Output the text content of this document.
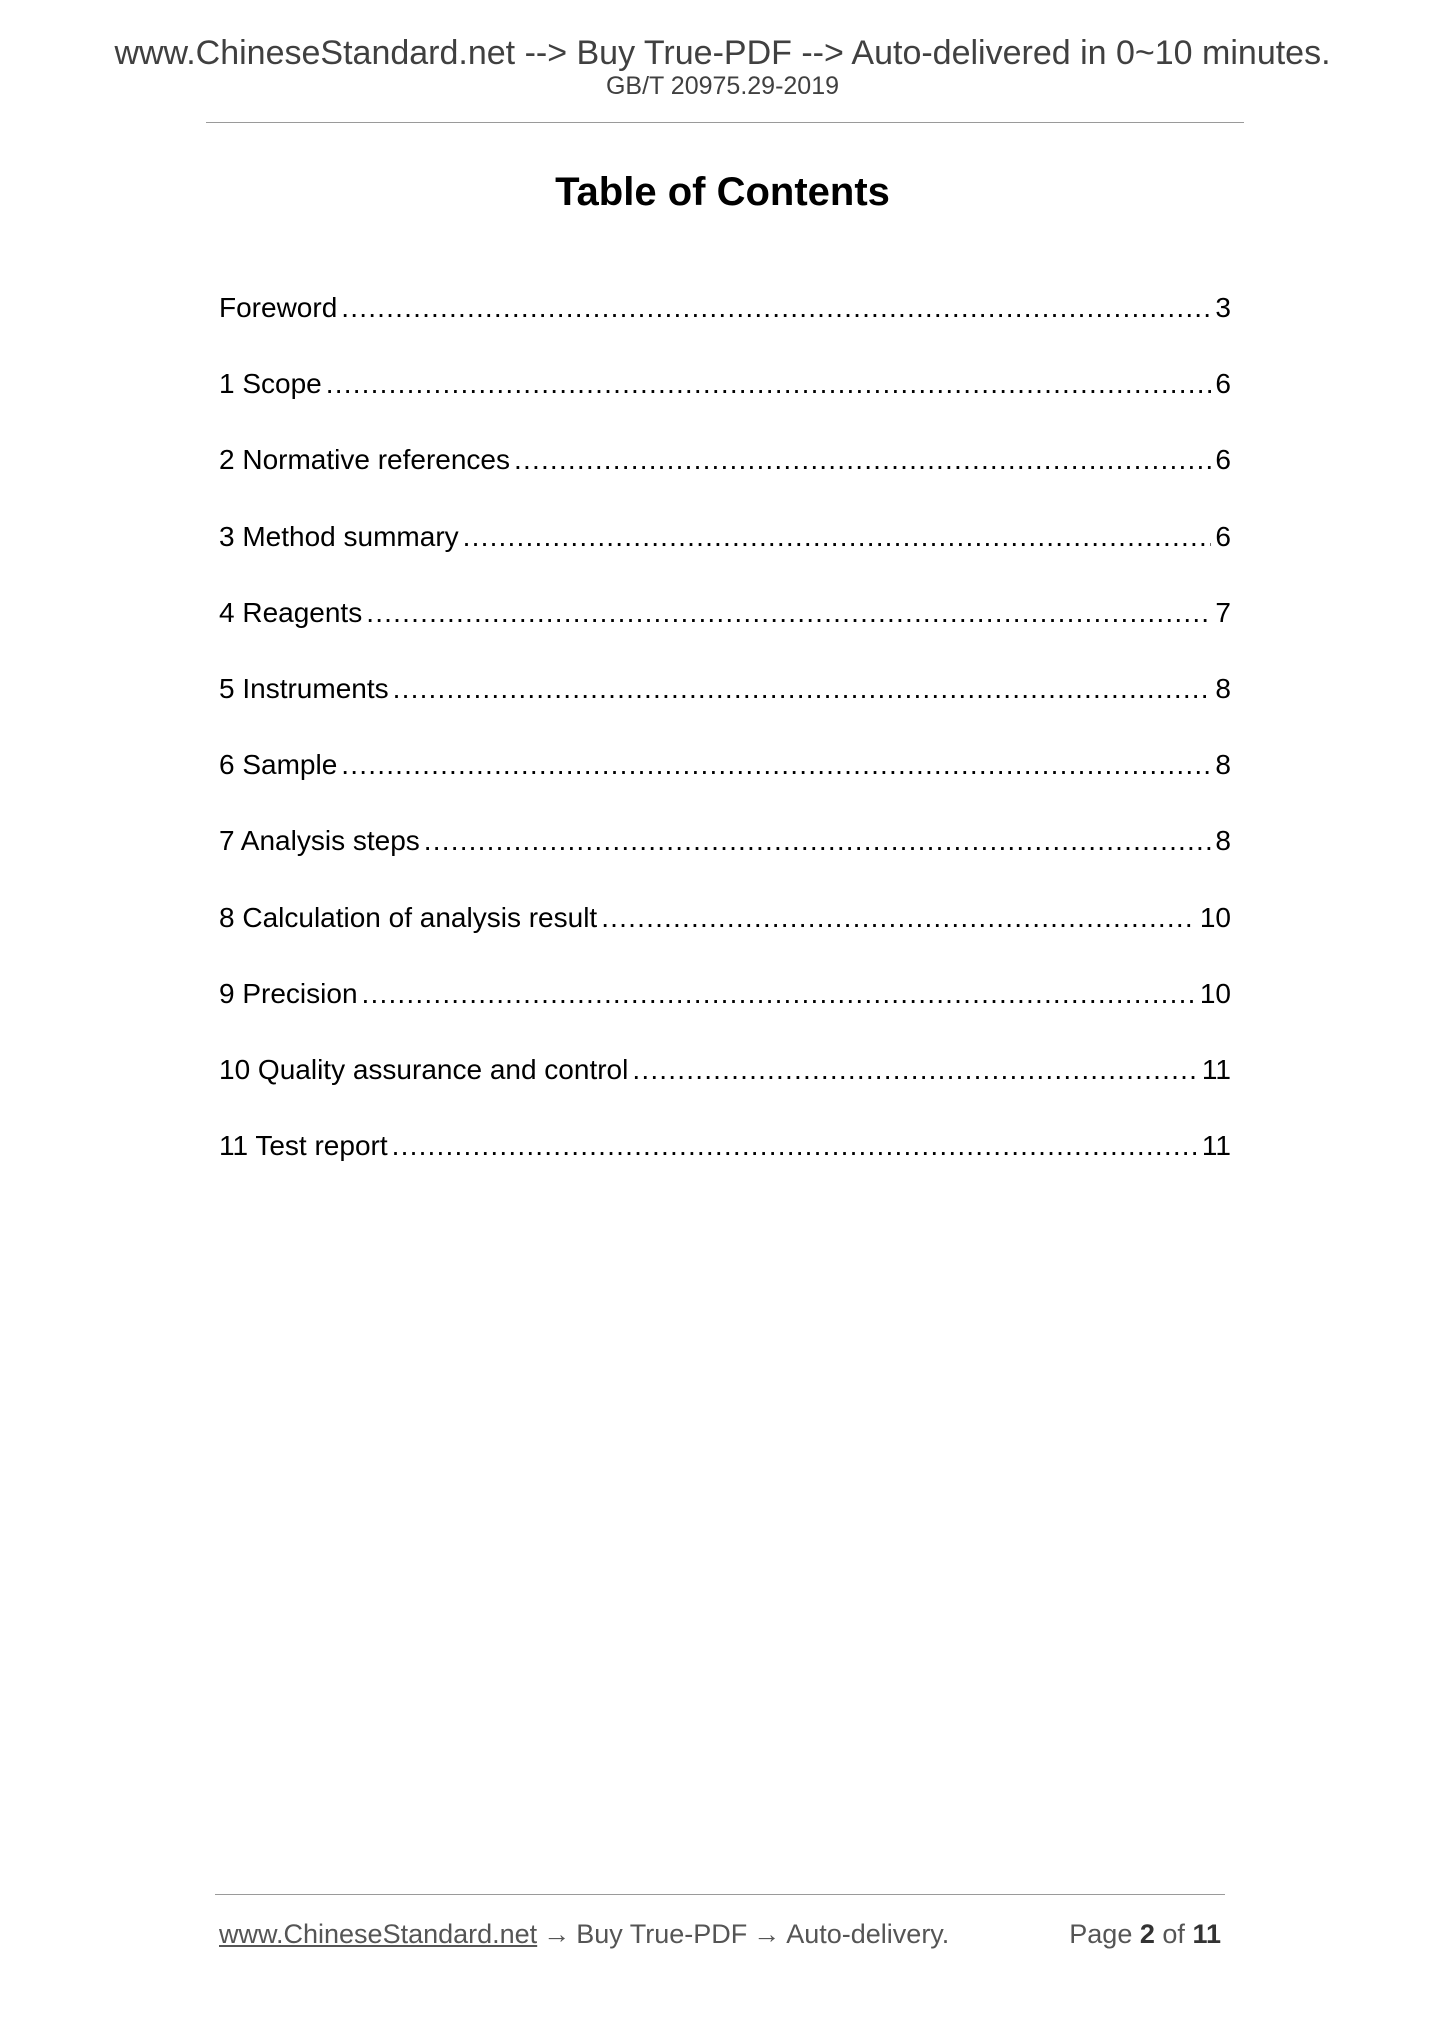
www.ChineseStandard.net --> Buy True-PDF --> Auto-delivered in 0~10 minutes.
GB/T 20975.29-2019
Table of Contents
Foreword .....	3
1 Scope .....	6
2 Normative references .....	6
3 Method summary .....	6
4 Reagents .....	7
5 Instruments .....	8
6 Sample .....	8
7 Analysis steps .....	8
8 Calculation of analysis result .....	10
9 Precision .....	10
10 Quality assurance and control .....	11
11 Test report .....	11
www.ChineseStandard.net → Buy True-PDF → Auto-delivery.	Page 2 of 11
